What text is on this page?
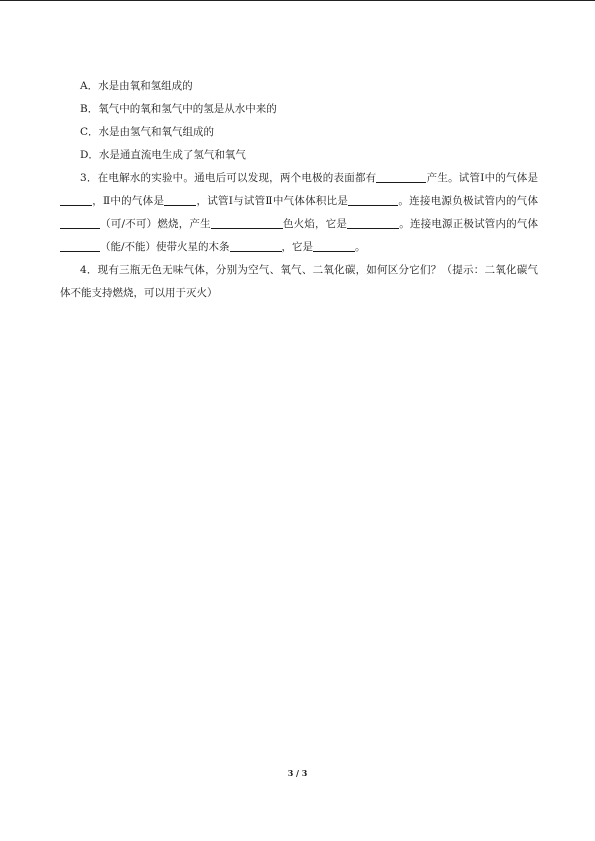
A．水是由氧和氢组成的
B．氧气中的氧和氢气中的氢是从水中来的
C．水是由氢气和氧气组成的
D．水是通直流电生成了氢气和氧气
3．在电解水的实验中。通电后可以发现，两个电极的表面都有	产生。试管Ⅰ中的气体是，Ⅱ中的气体是	，试管Ⅰ与试管Ⅱ中气体体积比是	。连接电源负极试管内的气体（可/不可）燃烧，产生	色火焰，它是	。连接电源正极试管内的气体（能/不能）使带火星的木条	，它是	。
4．现有三瓶无色无味气体，分别为空气、氧气、二氧化碳，如何区分它们？（提示：二氧化碳气体不能支持燃烧，可以用于灭火）
3 / 3
